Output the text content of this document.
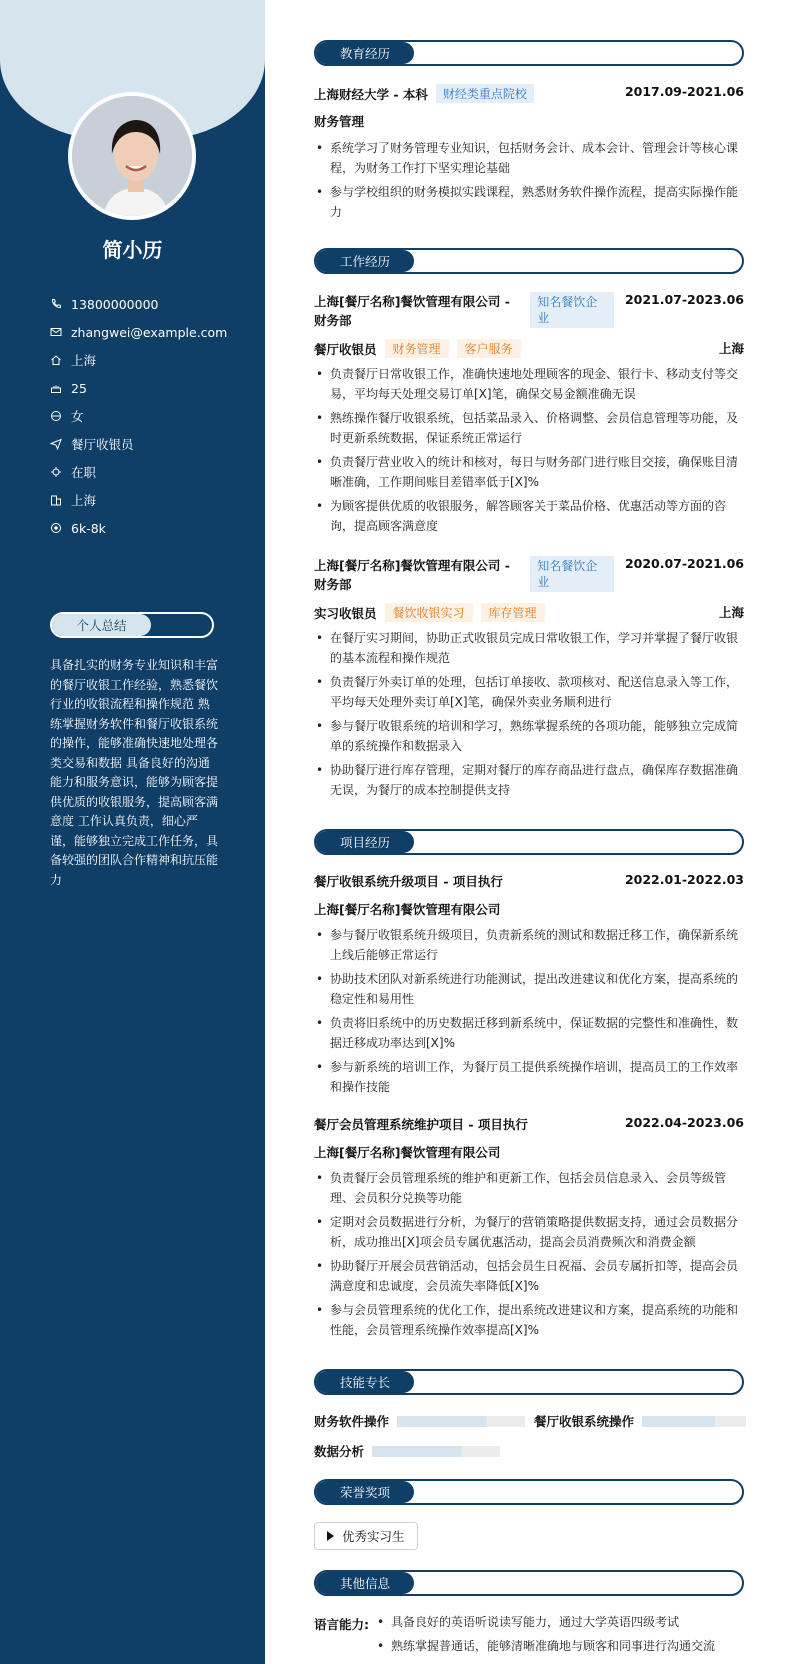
简小历
13800000000
zhangwei@example.com
上海
25
女
餐厅收银员
在职
上海
6k-8k
个人总结
具备扎实的财务专业知识和丰富的餐厅收银工作经验，熟悉餐饮行业的收银流程和操作规范 熟练掌握财务软件和餐厅收银系统的操作，能够准确快速地处理各类交易和数据 具备良好的沟通能力和服务意识，能够为顾客提供优质的收银服务，提高顾客满意度 工作认真负责，细心严谨，能够独立完成工作任务，具备较强的团队合作精神和抗压能力
教育经历
上海财经大学 - 本科	财经类重点院校	2017.09-2021.06
财务管理
• 系统学习了财务管理专业知识，包括财务会计、成本会计、管理会计等核心课程，为财务工作打下坚实理论基础
• 参与学校组织的财务模拟实践课程，熟悉财务软件操作流程，提高实际操作能力
工作经历
上海[餐厅名称]餐饮管理有限公司 - 财务部
知名餐饮企业
2021.07-2023.06
餐厅收银员	财务管理	客户服务	上海
• 负责餐厅日常收银工作，准确快速地处理顾客的现金、银行卡、移动支付等交易，平均每天处理交易订单[X]笔，确保交易金额准确无误
• 熟练操作餐厅收银系统，包括菜品录入、价格调整、会员信息管理等功能，及时更新系统数据，保证系统正常运行
• 负责餐厅营业收入的统计和核对，每日与财务部门进行账目交接，确保账目清晰准确，工作期间账目差错率低于[X]%
• 为顾客提供优质的收银服务，解答顾客关于菜品价格、优惠活动等方面的咨询，提高顾客满意度
上海[餐厅名称]餐饮管理有限公司 - 财务部
知名餐饮企业
2020.07-2021.06
实习收银员	餐饮收银实习	库存管理	上海
• 在餐厅实习期间，协助正式收银员完成日常收银工作，学习并掌握了餐厅收银的基本流程和操作规范
• 负责餐厅外卖订单的处理，包括订单接收、款项核对、配送信息录入等工作，平均每天处理外卖订单[X]笔，确保外卖业务顺利进行
• 参与餐厅收银系统的培训和学习，熟练掌握系统的各项功能，能够独立完成简单的系统操作和数据录入
• 协助餐厅进行库存管理，定期对餐厅的库存商品进行盘点，确保库存数据准确无误，为餐厅的成本控制提供支持
项目经历
餐厅收银系统升级项目 - 项目执行	2022.01-2022.03
上海[餐厅名称]餐饮管理有限公司
• 参与餐厅收银系统升级项目，负责新系统的测试和数据迁移工作，确保新系统上线后能够正常运行
• 协助技术团队对新系统进行功能测试，提出改进建议和优化方案，提高系统的稳定性和易用性
• 负责将旧系统中的历史数据迁移到新系统中，保证数据的完整性和准确性，数据迁移成功率达到[X]%
• 参与新系统的培训工作，为餐厅员工提供系统操作培训，提高员工的工作效率和操作技能
餐厅会员管理系统维护项目 - 项目执行	2022.04-2023.06
上海[餐厅名称]餐饮管理有限公司
• 负责餐厅会员管理系统的维护和更新工作，包括会员信息录入、会员等级管理、会员积分兑换等功能
• 定期对会员数据进行分析，为餐厅的营销策略提供数据支持，通过会员数据分析，成功推出[X]项会员专属优惠活动，提高会员消费频次和消费金额
• 协助餐厅开展会员营销活动，包括会员生日祝福、会员专属折扣等，提高会员满意度和忠诚度，会员流失率降低[X]%
• 参与会员管理系统的优化工作，提出系统改进建议和方案，提高系统的功能和性能，会员管理系统操作效率提高[X]%
技能专长
财务软件操作	餐厅收银系统操作
数据分析
荣誉奖项
优秀实习生
其他信息
语言能力:
•	具备良好的英语听说读写能力，通过大学英语四级考试
• 熟练掌握普通话，能够清晰准确地与顾客和同事进行沟通交流
